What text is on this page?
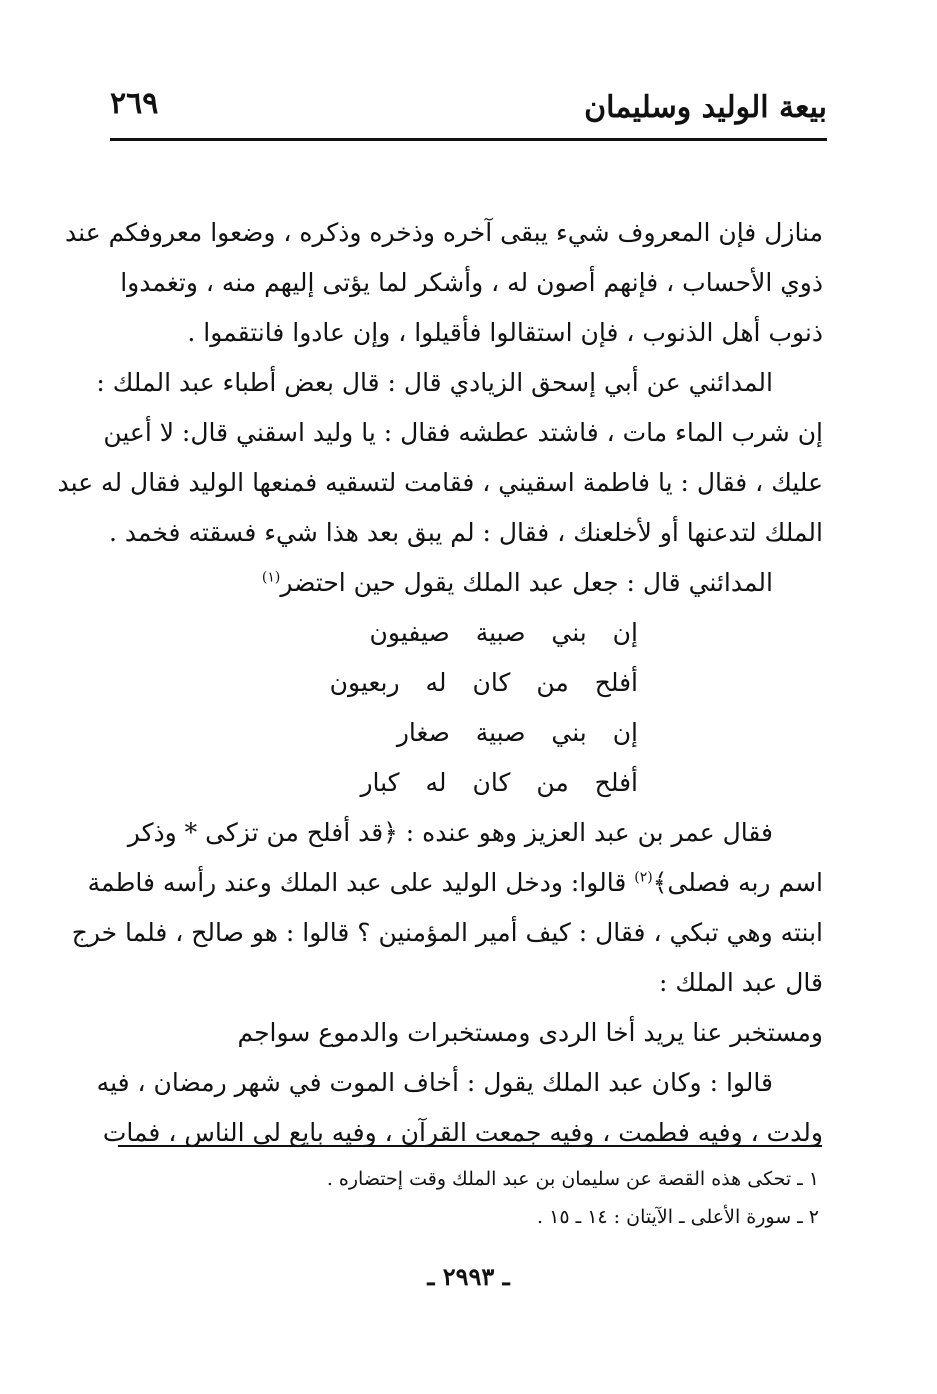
بيعة الوليد وسليمان
٢٦٩
منازل فإن المعروف شيء يبقى آخره وذخره وذكره ، وضعوا معروفكم عند
ذوي الأحساب ، فإنهم أصون له ، وأشكر لما يؤتى إليهم منه ، وتغمدوا
ذنوب أهل الذنوب ، فإن استقالوا فأقيلوا ، وإن عادوا فانتقموا .
المدائني عن أبي إسحق الزيادي قال : قال بعض أطباء عبد الملك :
إن شرب الماء مات ، فاشتد عطشه فقال : يا وليد اسقني قال: لا أعين
عليك ، فقال : يا فاطمة اسقيني ، فقامت لتسقيه فمنعها الوليد فقال له عبد
الملك لتدعنها أو لأخلعنك ، فقال : لم يبق بعد هذا شيء فسقته فخمد .
المدائني قال : جعل عبد الملك يقول حين احتضر$^{(١)}$
إن بني صبية صيفيون
أفلح من كان له ربعيون
إن بني صبية صغار
أفلح من كان له كبار
فقال عمر بن عبد العزيز وهو عنده : ﴿قد أفلح من تزكى * وذكر
اسم ربه فصلى﴾$^{(٢)}$ قالوا: ودخل الوليد على عبد الملك وعند رأسه فاطمة
ابنته وهي تبكي ، فقال : كيف أمير المؤمنين ؟ قالوا : هو صالح ، فلما خرج
قال عبد الملك :
ومستخبر عنا يريد أخا الردى ومستخبرات والدموع سواجم
قالوا : وكان عبد الملك يقول : أخاف الموت في شهر رمضان ، فيه
ولدت ، وفيه فطمت ، وفيه جمعت القرآن ، وفيه بايع لي الناس ، فمات
١ ـ تحكى هذه القصة عن سليمان بن عبد الملك وقت إحتضاره .
٢ ـ سورة الأعلى ـ الآيتان : ١٤ ـ ١٥ .
ـ ٢٩٩٣ ـ
